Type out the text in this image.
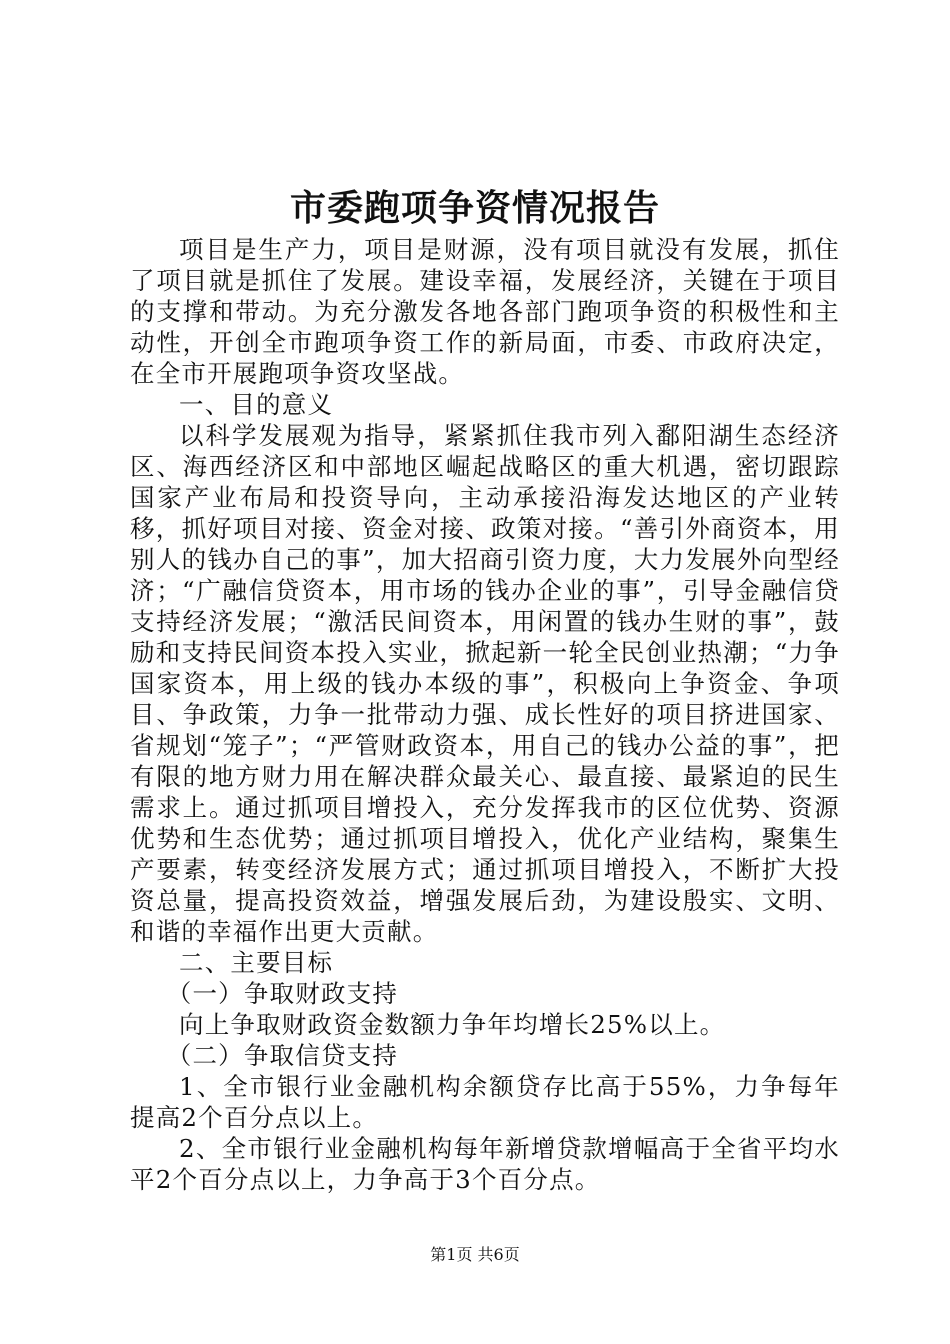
市委跑项争资情况报告

项目是生产力，项目是财源，没有项目就没有发展，抓住了项目就是抓住了发展。建设幸福，发展经济，关键在于项目的支撑和带动。为充分激发各地各部门跑项争资的积极性和主动性，开创全市跑项争资工作的新局面，市委、市政府决定，在全市开展跑项争资攻坚战。

一、目的意义

以科学发展观为指导，紧紧抓住我市列入鄱阳湖生态经济区、海西经济区和中部地区崛起战略区的重大机遇，密切跟踪国家产业布局和投资导向，主动承接沿海发达地区的产业转移，抓好项目对接、资金对接、政策对接。“善引外商资本，用别人的钱办自己的事”，加大招商引资力度，大力发展外向型经济；“广融信贷资本，用市场的钱办企业的事”，引导金融信贷支持经济发展；“激活民间资本，用闲置的钱办生财的事”，鼓励和支持民间资本投入实业，掀起新一轮全民创业热潮；“力争国家资本，用上级的钱办本级的事”，积极向上争资金、争项目、争政策，力争一批带动力强、成长性好的项目挤进国家、省规划“笼子”；“严管财政资本，用自己的钱办公益的事”，把有限的地方财力用在解决群众最关心、最直接、最紧迫的民生需求上。通过抓项目增投入，充分发挥我市的区位优势、资源优势和生态优势；通过抓项目增投入，优化产业结构，聚集生产要素，转变经济发展方式；通过抓项目增投入，不断扩大投资总量，提高投资效益，增强发展后劲，为建设殷实、文明、和谐的幸福作出更大贡献。

二、主要目标

（一）争取财政支持

向上争取财政资金数额力争年均增长25%以上。

（二）争取信贷支持

1、全市银行业金融机构余额贷存比高于55%，力争每年提高2个百分点以上。

2、全市银行业金融机构每年新增贷款增幅高于全省平均水平2个百分点以上，力争高于3个百分点。

第1页 共6页
